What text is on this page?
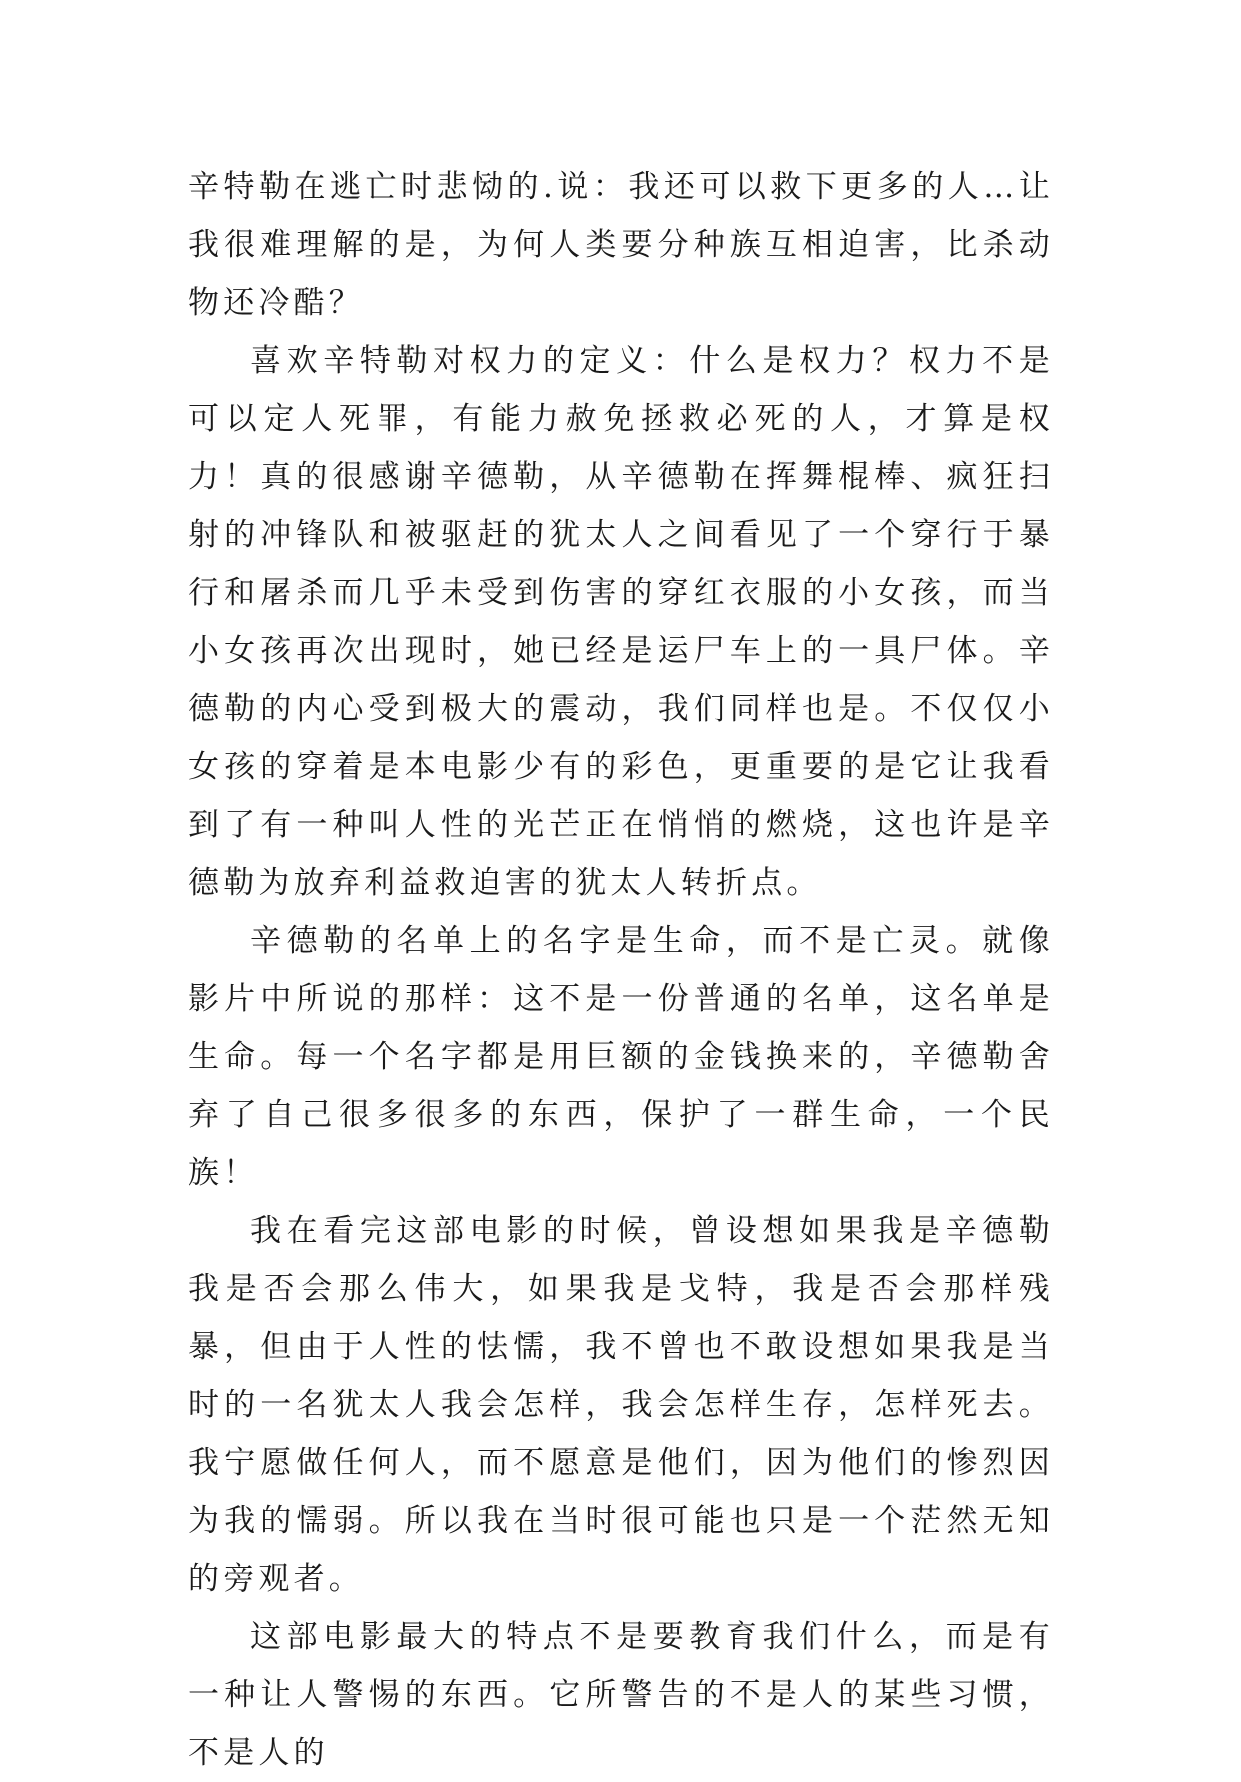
辛特勒在逃亡时悲恸的.说：我还可以救下更多的人…让我很难理解的是，为何人类要分种族互相迫害，比杀动物还冷酷？

喜欢辛特勒对权力的定义：什么是权力？权力不是可以定人死罪，有能力赦免拯救必死的人，才算是权力！真的很感谢辛德勒，从辛德勒在挥舞棍棒、疯狂扫射的冲锋队和被驱赶的犹太人之间看见了一个穿行于暴行和屠杀而几乎未受到伤害的穿红衣服的小女孩，而当小女孩再次出现时，她已经是运尸车上的一具尸体。辛德勒的内心受到极大的震动，我们同样也是。不仅仅小女孩的穿着是本电影少有的彩色，更重要的是它让我看到了有一种叫人性的光芒正在悄悄的燃烧，这也许是辛德勒为放弃利益救迫害的犹太人转折点。

辛德勒的名单上的名字是生命，而不是亡灵。就像影片中所说的那样：这不是一份普通的名单，这名单是生命。每一个名字都是用巨额的金钱换来的，辛德勒舍弃了自己很多很多的东西，保护了一群生命，一个民族！

我在看完这部电影的时候，曾设想如果我是辛德勒我是否会那么伟大，如果我是戈特，我是否会那样残暴，但由于人性的怯懦，我不曾也不敢设想如果我是当时的一名犹太人我会怎样，我会怎样生存，怎样死去。我宁愿做任何人，而不愿意是他们，因为他们的惨烈因为我的懦弱。所以我在当时很可能也只是一个茫然无知的旁观者。

这部电影最大的特点不是要教育我们什么，而是有一种让人警惕的东西。它所警告的不是人的某些习惯，不是人的
